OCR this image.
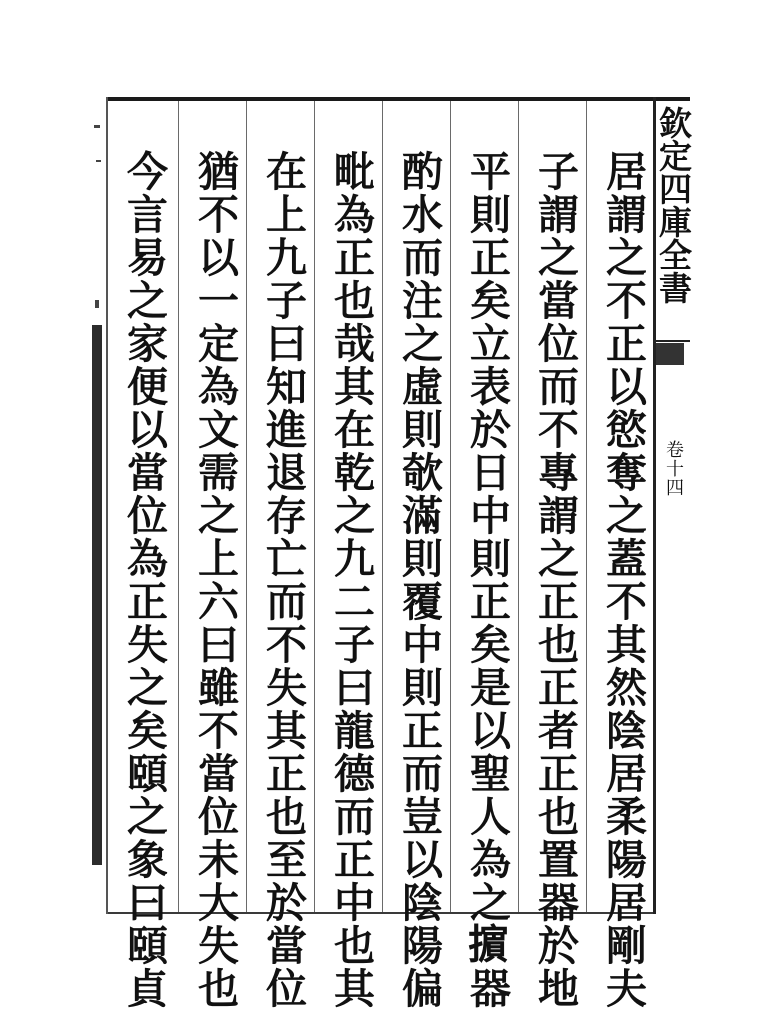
欽定四庫全書
卷十四
居謂之不正以慾奪之蓋不其然陰居柔陽居剛夫
子謂之當位而不專謂之正也正者正也置器於地
平則正矣立表於日中則正矣是以聖人為之𢷤器
酌水而注之虛則欹滿則覆中則正而豈以陰陽偏
毗為正也哉其在乾之九二子曰龍德而正中也其
在上九子曰知進退存亡而不失其正也至於當位
猶不以一定為文需之上六曰雖不當位未大失也
今言易之家便以當位為正失之矣頤之象曰頤貞
